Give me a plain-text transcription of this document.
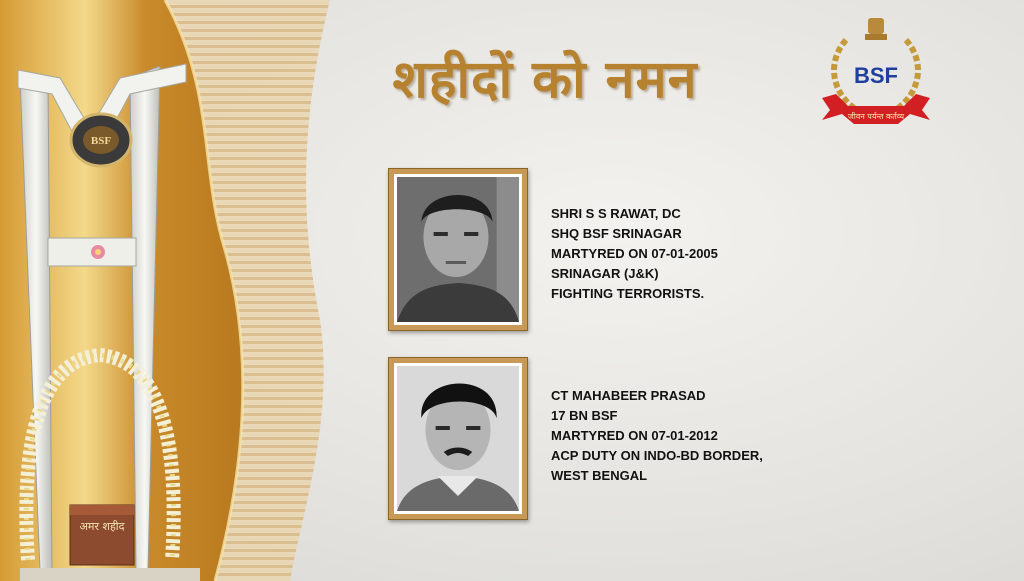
अमर शहीद
BSF
शहीदों को नमन	BSF
जीवन पर्यन्त कर्तव्य
SHRI S S RAWAT, DC
SHQ BSF SRINAGAR
MARTYRED ON 07-01-2005
SRINAGAR (J&K)
FIGHTING TERRORISTS.
CT MAHABEER PRASAD
17 BN BSF
MARTYRED ON 07-01-2012
ACP DUTY ON INDO-BD BORDER,
WEST BENGAL
